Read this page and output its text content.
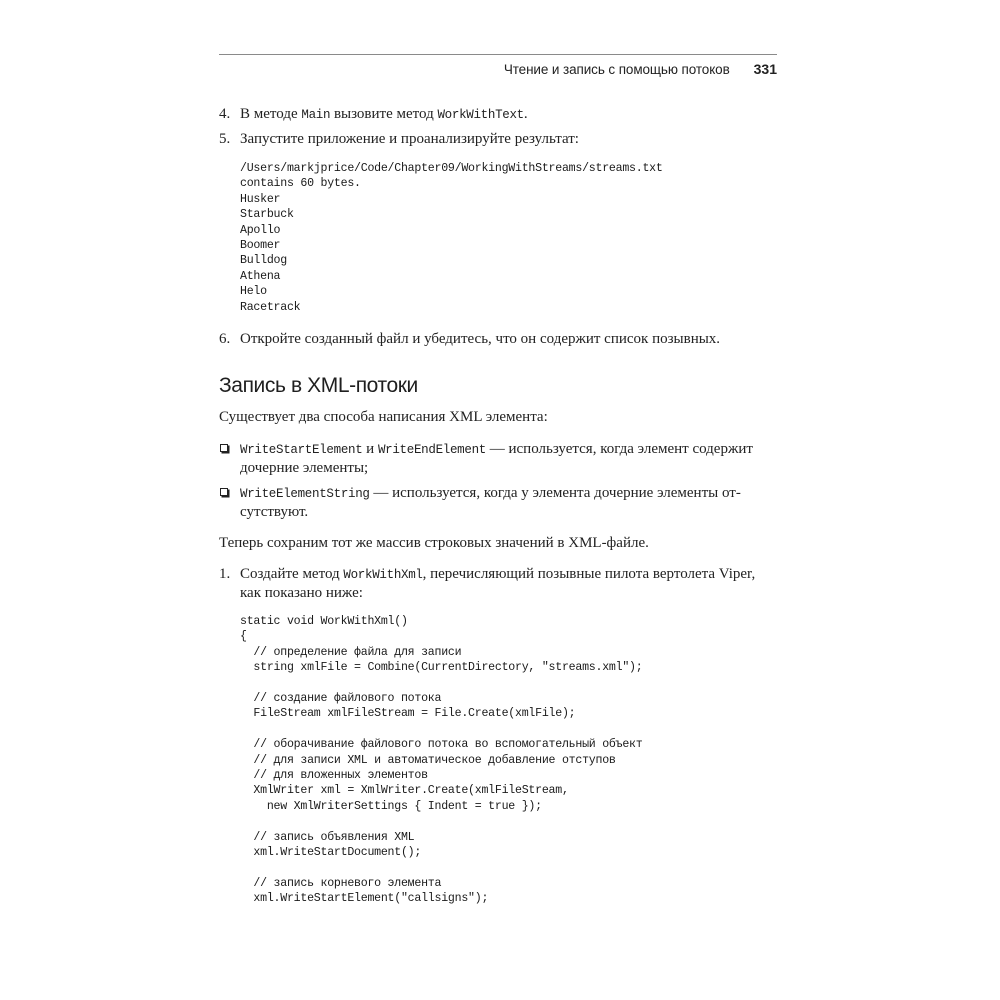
Чтение и запись с помощью потоков 331
4. В методе Main вызовите метод WorkWithText.
5. Запустите приложение и проанализируйте результат:
/Users/markjprice/Code/Chapter09/WorkingWithStreams/streams.txt
contains 60 bytes.
Husker
Starbuck
Apollo
Boomer
Bulldog
Athena
Helo
Racetrack
6. Откройте созданный файл и убедитесь, что он содержит список позывных.
Запись в XML-потоки
Существует два способа написания XML элемента:
WriteStartElement и WriteEndElement — используется, когда элемент содержит
дочерние элементы;
WriteElementString — используется, когда у элемента дочерние элементы от-
сутствуют.
Теперь сохраним тот же массив строковых значений в XML-файле.
1. Создайте метод WorkWithXml, перечисляющий позывные пилота вертолета Viper,
как показано ниже:
static void WorkWithXml()
{
// определение файла для записи
string xmlFile = Combine(CurrentDirectory, "streams.xml");

// создание файлового потока
FileStream xmlFileStream = File.Create(xmlFile);

// оборачивание файлового потока во вспомогательный объект
// для записи XML и автоматическое добавление отступов
// для вложенных элементов
XmlWriter xml = XmlWriter.Create(xmlFileStream,
new XmlWriterSettings { Indent = true });

// запись объявления XML
xml.WriteStartDocument();

// запись корневого элемента
xml.WriteStartElement("callsigns");
